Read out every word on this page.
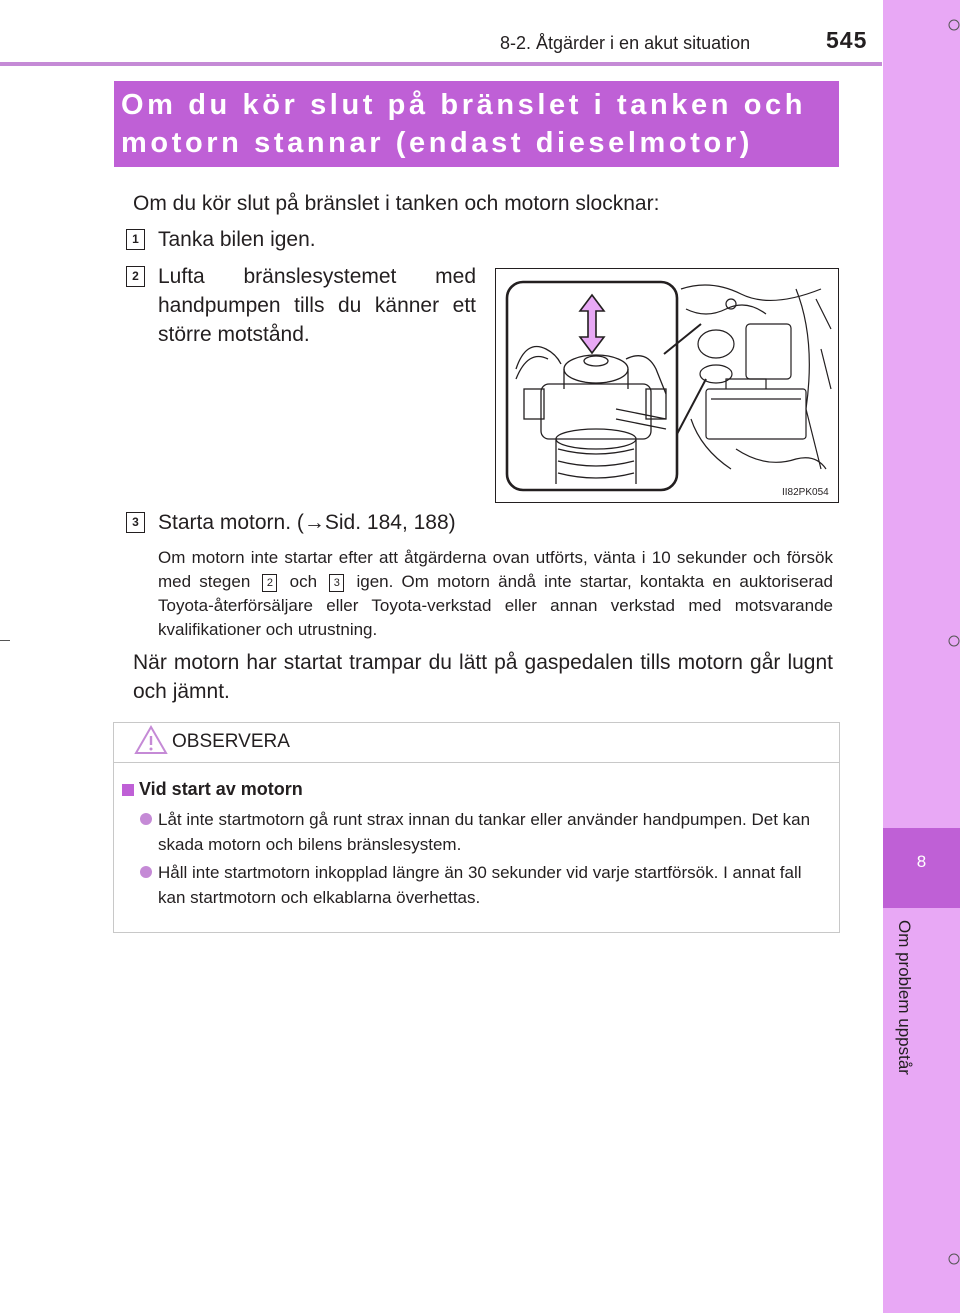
8-2. Åtgärder i en akut situation	545
8
Om problem uppstår
Om du kör slut på bränslet i tanken och motorn stannar (endast dieselmotor)
Om du kör slut på bränslet i tanken och motorn slocknar:
1 Tanka bilen igen.
2 Lufta bränslesystemet med handpumpen tills du känner ett större motstånd.
II82PK054
3 Starta motorn. (→Sid. 184, 188)
Om motorn inte startar efter att åtgärderna ovan utförts, vänta i 10 sekunder och försök med stegen 2 och 3 igen. Om motorn ändå inte startar, kontakta en auktoriserad Toyota-återförsäljare eller Toyota-verkstad eller annan verkstad med motsvarande kvalifikationer och utrustning.
När motorn har startat trampar du lätt på gaspedalen tills motorn går lugnt och jämnt.
OBSERVERA
Vid start av motorn
Låt inte startmotorn gå runt strax innan du tankar eller använder handpumpen. Det kan skada motorn och bilens bränslesystem.
Håll inte startmotorn inkopplad längre än 30 sekunder vid varje startförsök. I annat fall kan startmotorn och elkablarna överhettas.
